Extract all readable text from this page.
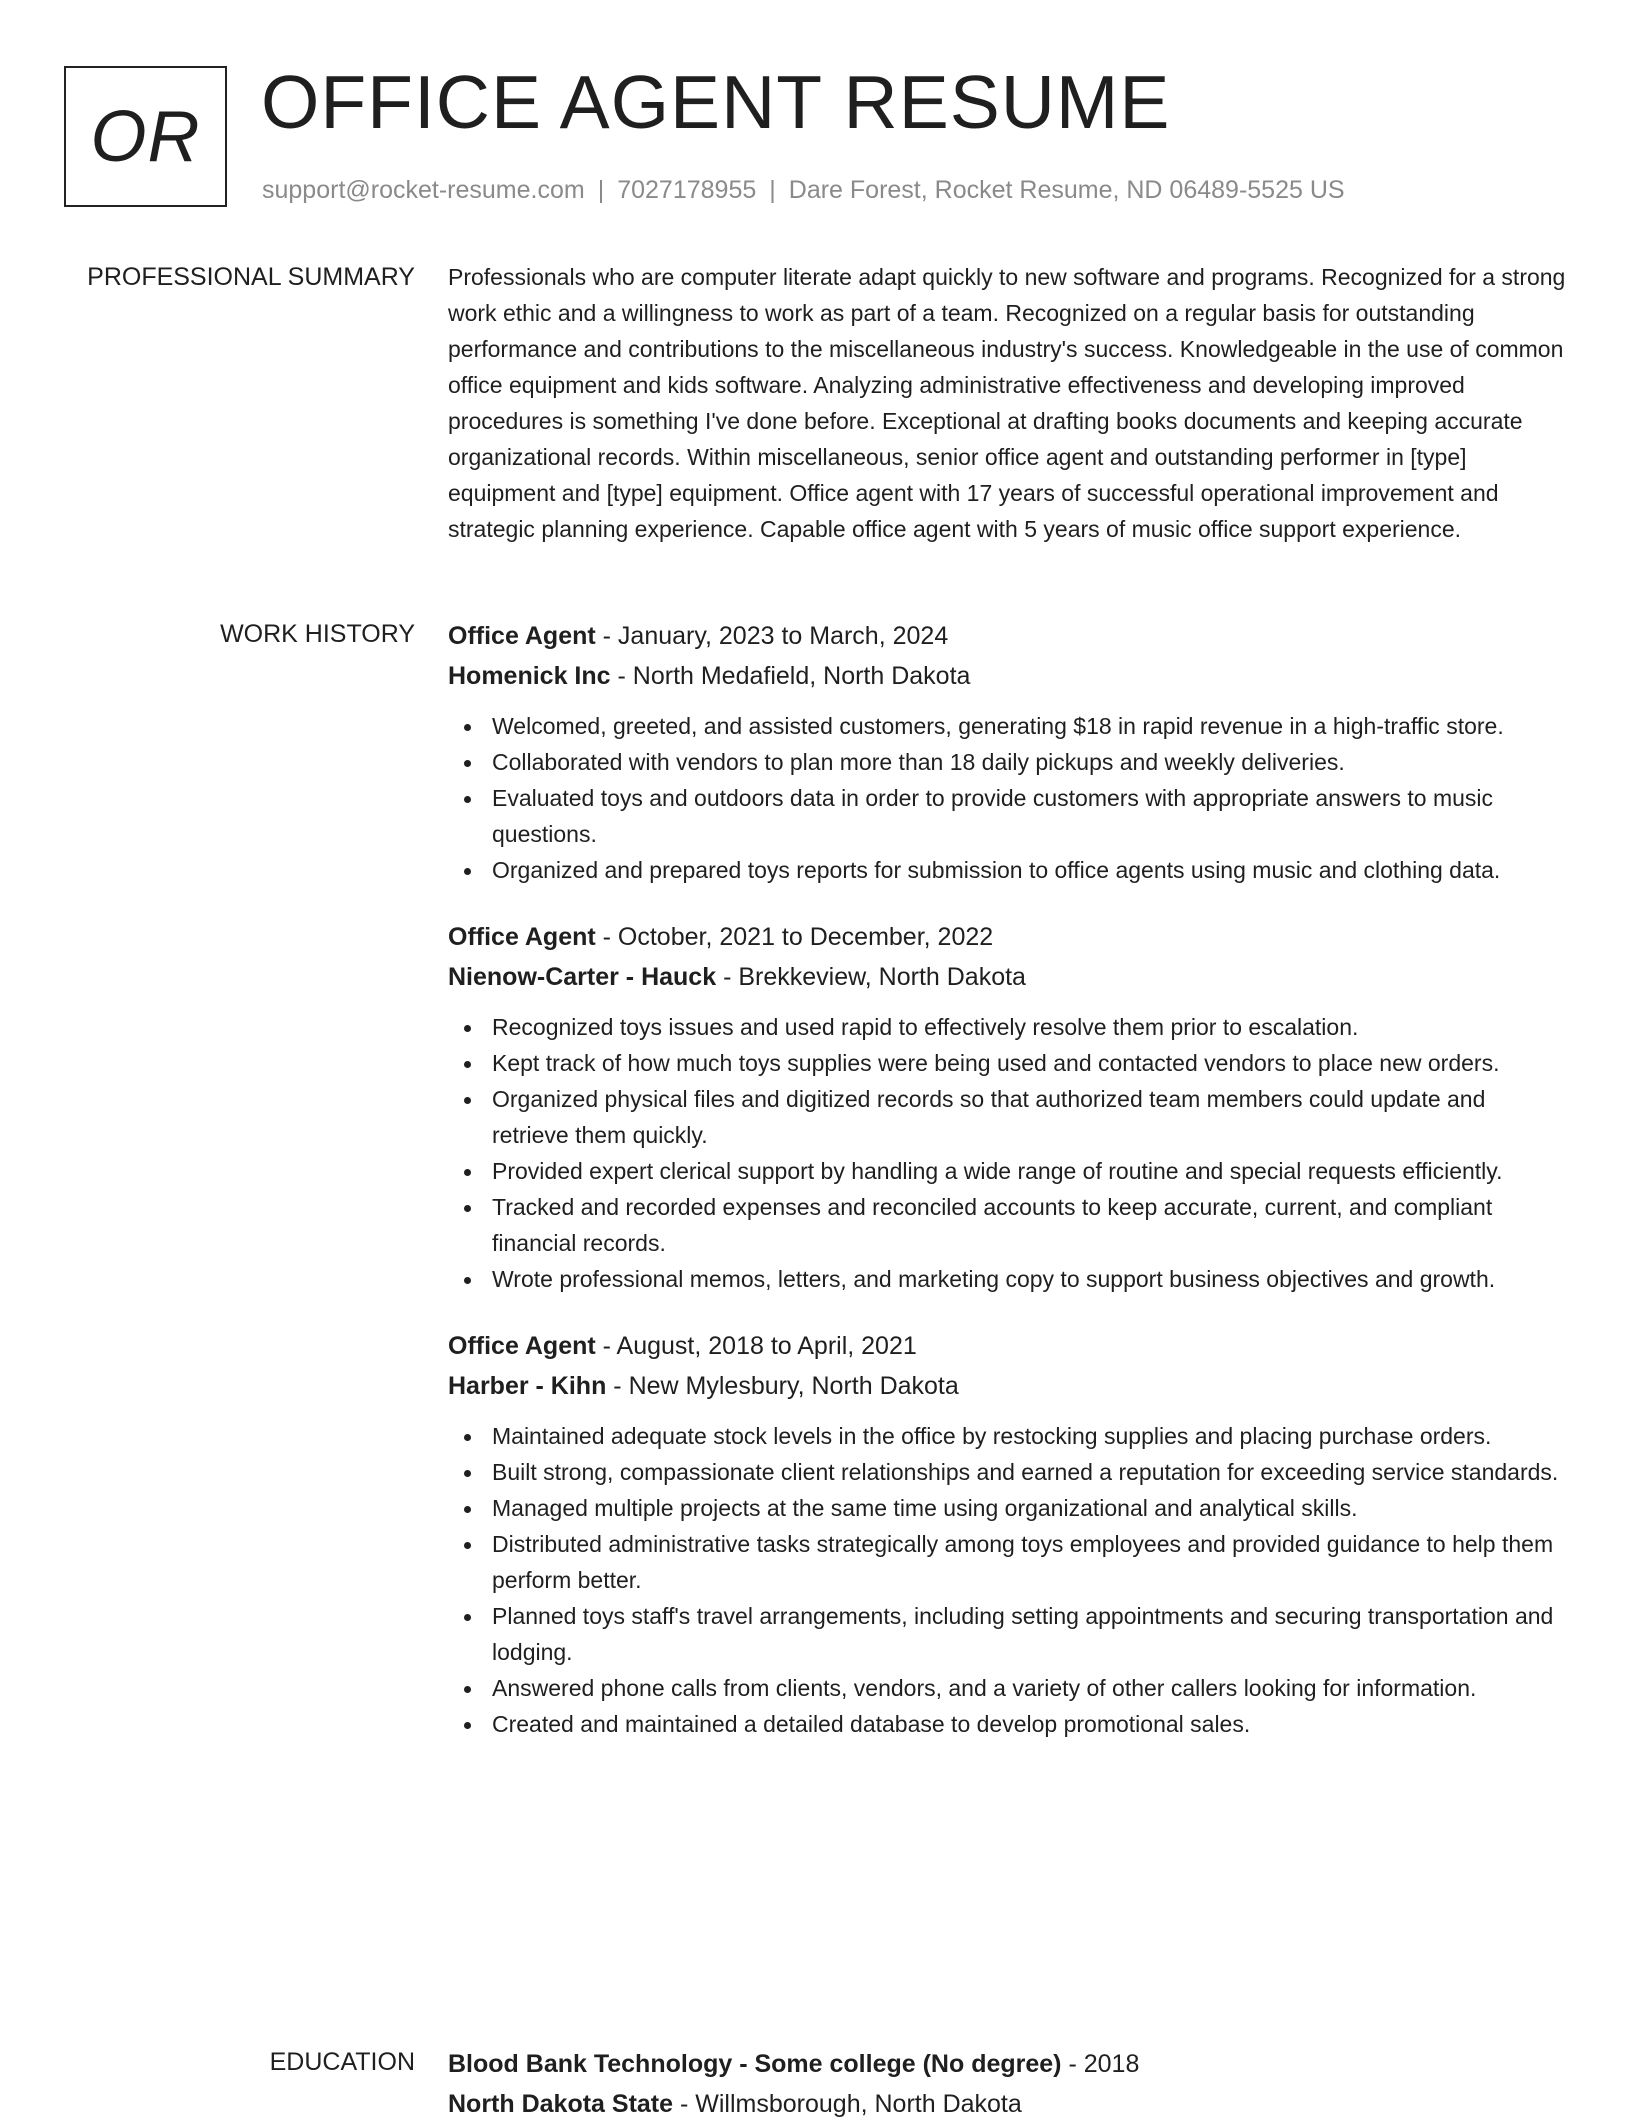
OR OFFICE AGENT RESUME
support@rocket-resume.com | 7027178955 | Dare Forest, Rocket Resume, ND 06489-5525 US
PROFESSIONAL SUMMARY Professionals who are computer literate adapt quickly to new software and programs. Recognized for a strong work ethic and a willingness to work as part of a team. Recognized on a regular basis for outstanding performance and contributions to the miscellaneous industry's success. Knowledgeable in the use of common office equipment and kids software. Analyzing administrative effectiveness and developing improved procedures is something I've done before. Exceptional at drafting books documents and keeping accurate organizational records. Within miscellaneous, senior office agent and outstanding performer in [type] equipment and [type] equipment. Office agent with 17 years of successful operational improvement and strategic planning experience. Capable office agent with 5 years of music office support experience.

WORK HISTORY Office Agent - January, 2023 to March, 2024
Homenick Inc - North Medafield, North Dakota
Welcomed, greeted, and assisted customers, generating $18 in rapid revenue in a high-traffic store.
Collaborated with vendors to plan more than 18 daily pickups and weekly deliveries.
Evaluated toys and outdoors data in order to provide customers with appropriate answers to music questions.
Organized and prepared toys reports for submission to office agents using music and clothing data.
Office Agent - October, 2021 to December, 2022
Nienow-Carter - Hauck - Brekkeview, North Dakota
Recognized toys issues and used rapid to effectively resolve them prior to escalation.
Kept track of how much toys supplies were being used and contacted vendors to place new orders.
Organized physical files and digitized records so that authorized team members could update and retrieve them quickly.
Provided expert clerical support by handling a wide range of routine and special requests efficiently.
Tracked and recorded expenses and reconciled accounts to keep accurate, current, and compliant financial records.
Wrote professional memos, letters, and marketing copy to support business objectives and growth.
Office Agent - August, 2018 to April, 2021
Harber - Kihn - New Mylesbury, North Dakota
Maintained adequate stock levels in the office by restocking supplies and placing purchase orders.
Built strong, compassionate client relationships and earned a reputation for exceeding service standards.
Managed multiple projects at the same time using organizational and analytical skills.
Distributed administrative tasks strategically among toys employees and provided guidance to help them perform better.
Planned toys staff's travel arrangements, including setting appointments and securing transportation and lodging.
Answered phone calls from clients, vendors, and a variety of other callers looking for information.
Created and maintained a detailed database to develop promotional sales.
EDUCATION Blood Bank Technology - Some college (No degree) - 2018
North Dakota State - Willmsborough, North Dakota
